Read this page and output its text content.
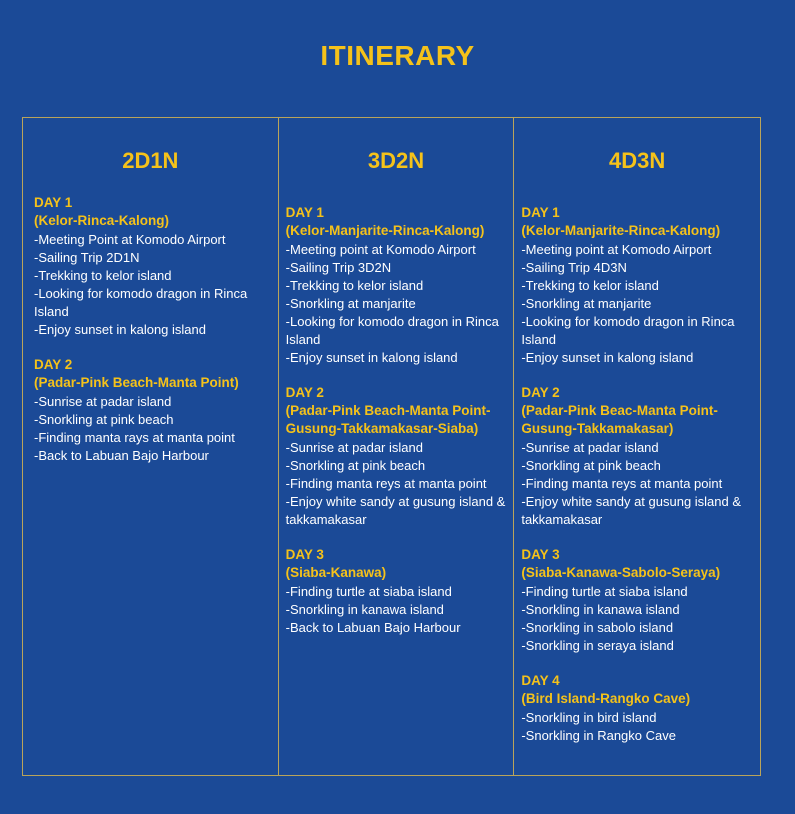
ITINERARY
2D1N
DAY 1
(Kelor-Rinca-Kalong)
-Meeting Point at Komodo Airport
-Sailing Trip 2D1N
-Trekking to kelor island
-Looking for komodo dragon in Rinca Island
-Enjoy sunset in kalong island
DAY 2
(Padar-Pink Beach-Manta Point)
-Sunrise at padar island
-Snorkling at pink beach
-Finding manta rays at manta point
-Back to Labuan Bajo Harbour
3D2N
DAY 1
(Kelor-Manjarite-Rinca-Kalong)
-Meeting point at Komodo Airport
-Sailing Trip 3D2N
-Trekking to kelor island
-Snorkling at manjarite
-Looking for komodo dragon in Rinca Island
-Enjoy sunset in kalong island
DAY 2
(Padar-Pink Beach-Manta Point-Gusung-Takkamakasar-Siaba)
-Sunrise at padar island
-Snorkling at pink beach
-Finding manta reys at manta point
-Enjoy white sandy at gusung island & takkamakasar
DAY 3
(Siaba-Kanawa)
-Finding turtle at siaba island
-Snorkling in kanawa island
-Back to Labuan Bajo Harbour
4D3N
DAY 1
(Kelor-Manjarite-Rinca-Kalong)
-Meeting point at Komodo Airport
-Sailing Trip 4D3N
-Trekking to kelor island
-Snorkling at manjarite
-Looking for komodo dragon in Rinca Island
-Enjoy sunset in kalong island
DAY 2
(Padar-Pink Beac-Manta Point-Gusung-Takkamakasar)
-Sunrise at padar island
-Snorkling at pink beach
-Finding manta reys at manta point
-Enjoy white sandy at gusung island & takkamakasar
DAY 3
(Siaba-Kanawa-Sabolo-Seraya)
-Finding turtle at siaba island
-Snorkling in kanawa island
-Snorkling in sabolo island
-Snorkling in seraya island
DAY 4
(Bird Island-Rangko Cave)
-Snorkling in bird island
-Snorkling in Rangko Cave
